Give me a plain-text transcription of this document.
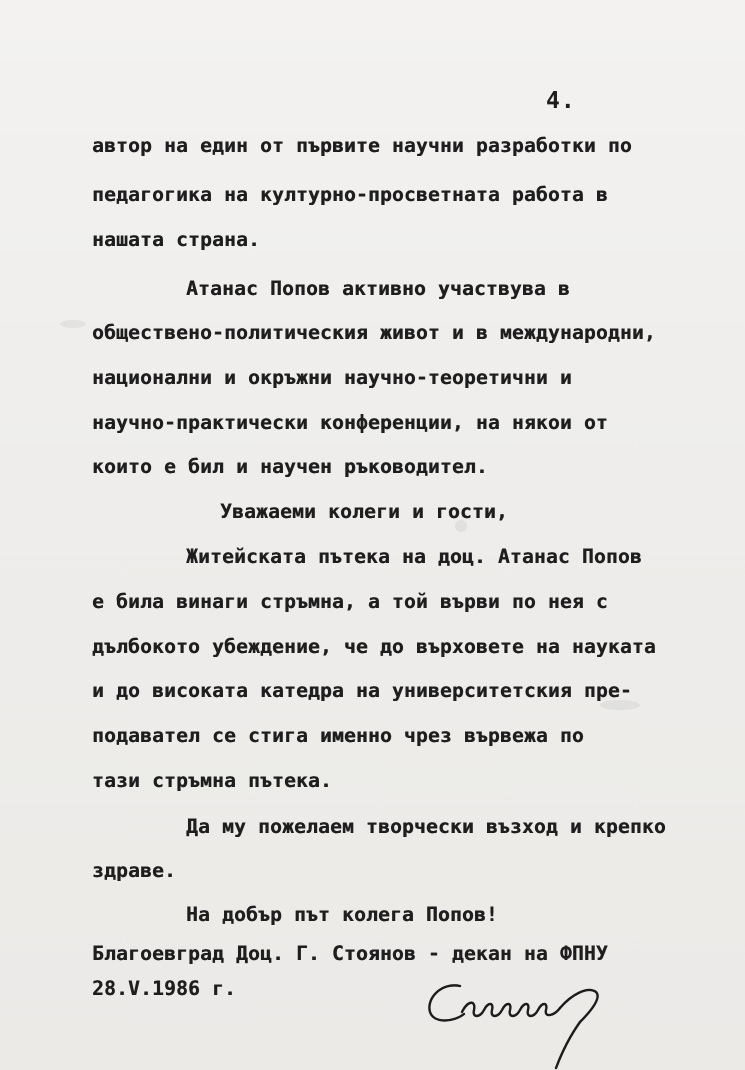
4.
автор на един от първите научни разработки по
педагогика на културно-просветната работа в
нашата страна.
Атанас Попов активно участвува в
обществено-политическия живот и в международни,
национални и окръжни научно-теоретични и
научно-практически конференции, на някои от
които е бил и научен ръководител.
Уважаеми колеги и гости,
Житейската пътека на доц. Атанас Попов
е била винаги стръмна, а той върви по нея с
дълбокото убеждение, че до върховете на науката
и до високата катедра на университетския пре-
подавател се стига именно чрез вървежа по
тази стръмна пътека.
Да му пожелаем творчески възход и крепко
здраве.
На добър път колега Попов!
Благоевград Доц. Г. Стоянов - декан на ФПНУ
28.V.1986 г.
